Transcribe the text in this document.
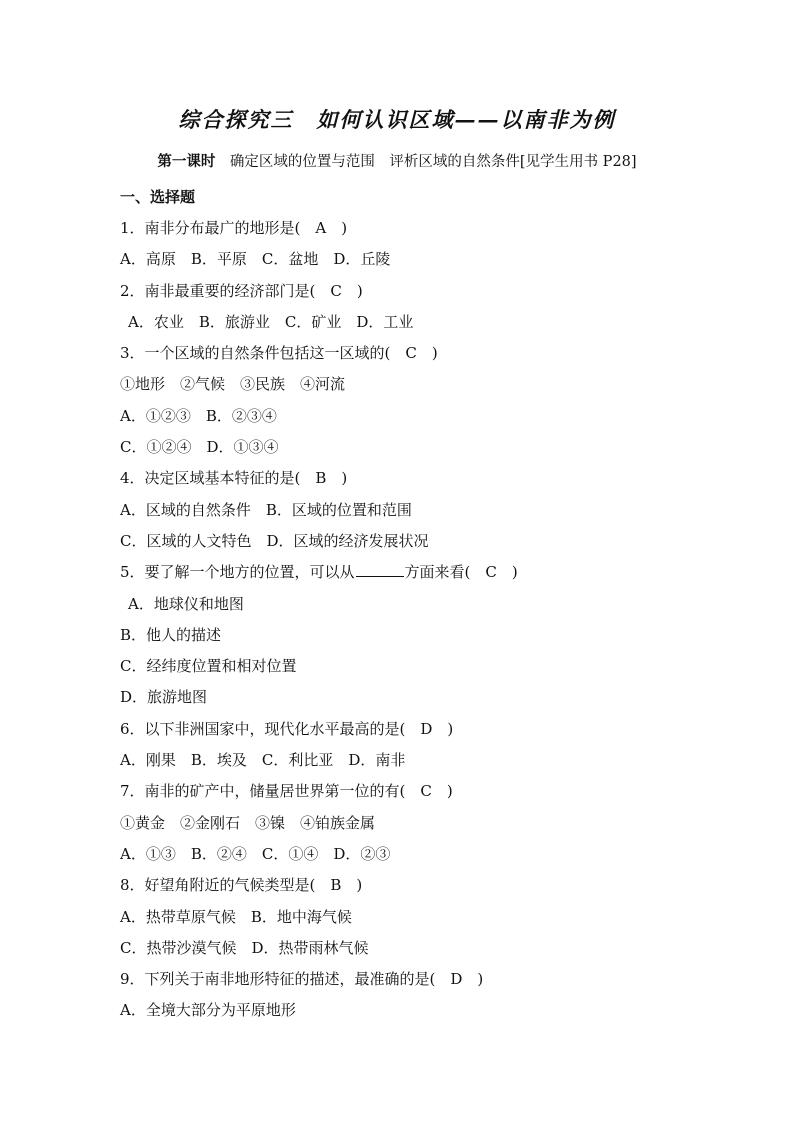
综合探究三　如何认识区域——以南非为例
第一课时　确定区域的位置与范围　评析区域的自然条件[见学生用书 P28]
一、选择题
1．南非分布最广的地形是(　A　)
A．高原　B．平原　C．盆地　D．丘陵
2．南非最重要的经济部门是(　C　)
A．农业　B．旅游业　C．矿业　D．工业
3．一个区域的自然条件包括这一区域的(　C　)
①地形　②气候　③民族　④河流
A．①②③　B．②③④
C．①②④　D．①③④
4．决定区域基本特征的是(　B　)
A．区域的自然条件　B．区域的位置和范围
C．区域的人文特色　D．区域的经济发展状况
5．要了解一个地方的位置，可以从	方面来看(　C　)
A．地球仪和地图
B．他人的描述
C．经纬度位置和相对位置
D．旅游地图
6．以下非洲国家中，现代化水平最高的是(　D　)
A．刚果　B．埃及　C．利比亚　D．南非
7．南非的矿产中，储量居世界第一位的有(　C　)
①黄金　②金刚石　③镍　④铂族金属
A．①③　B．②④　C．①④　D．②③
8．好望角附近的气候类型是(　B　)
A．热带草原气候　B．地中海气候
C．热带沙漠气候　D．热带雨林气候
9．下列关于南非地形特征的描述，最准确的是(　D　)
A．全境大部分为平原地形
